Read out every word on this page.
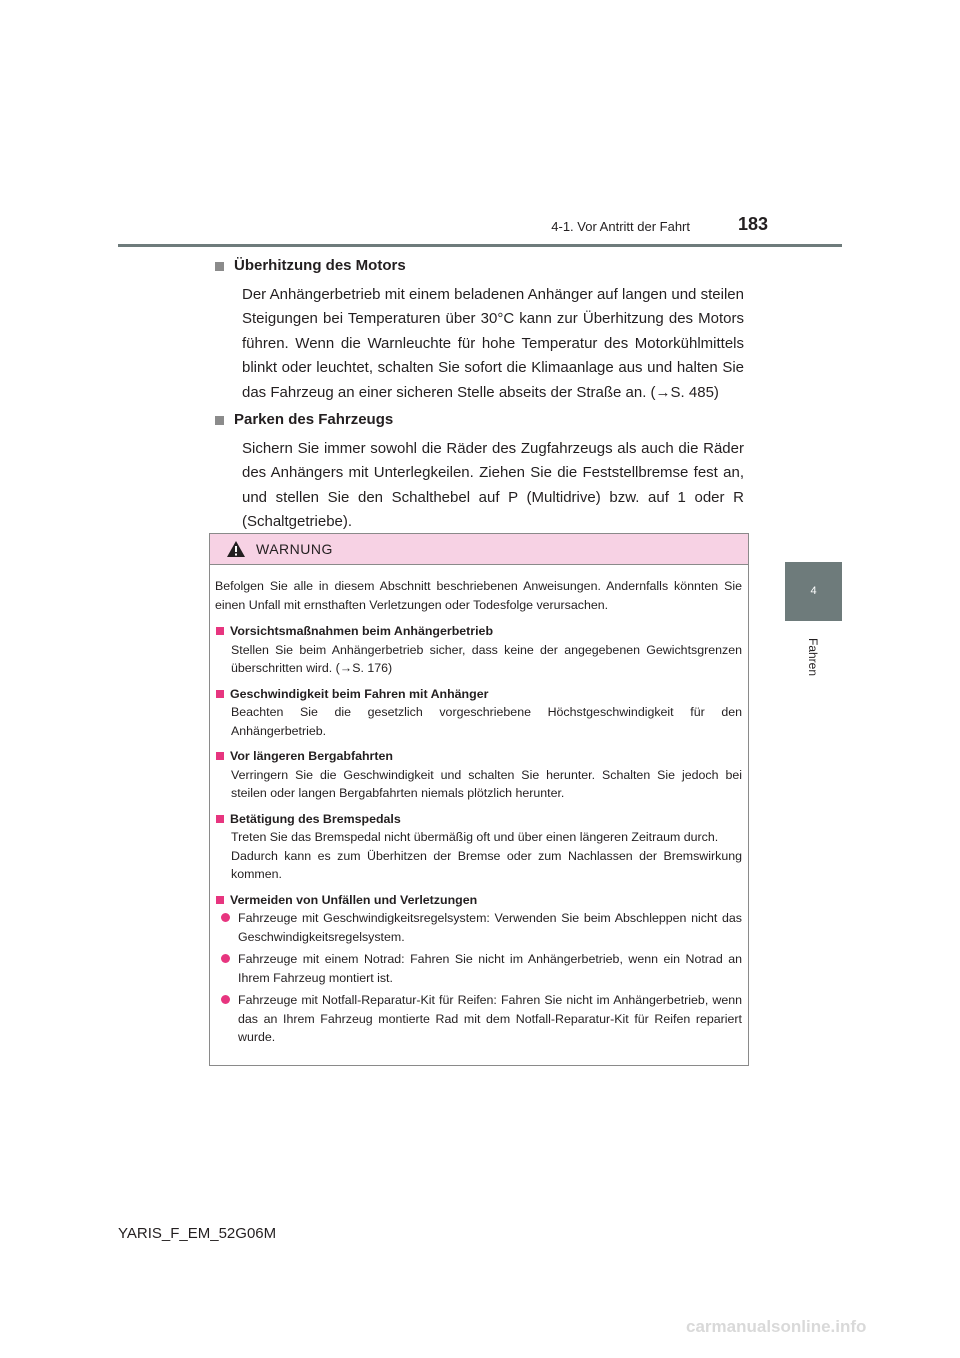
4-1. Vor Antritt der Fahrt	183
4
Fahren
Überhitzung des Motors

Der Anhängerbetrieb mit einem beladenen Anhänger auf langen und steilen Steigungen bei Temperaturen über 30°C kann zur Überhitzung des Motors führen. Wenn die Warnleuchte für hohe Temperatur des Motorkühlmittels blinkt oder leuchtet, schalten Sie sofort die Klimaanlage aus und halten Sie das Fahrzeug an einer sicheren Stelle abseits der Straße an. (→S. 485)

Parken des Fahrzeugs

Sichern Sie immer sowohl die Räder des Zugfahrzeugs als auch die Räder des Anhängers mit Unterlegkeilen. Ziehen Sie die Feststellbremse fest an, und stellen Sie den Schalthebel auf P (Multidrive) bzw. auf 1 oder R (Schaltgetriebe).

WARNUNG

Befolgen Sie alle in diesem Abschnitt beschriebenen Anweisungen. Andernfalls könnten Sie einen Unfall mit ernsthaften Verletzungen oder Todesfolge verursachen.

Vorsichtsmaßnahmen beim Anhängerbetrieb
Stellen Sie beim Anhängerbetrieb sicher, dass keine der angegebenen Gewichtsgrenzen überschritten wird. (→S. 176)
Geschwindigkeit beim Fahren mit Anhänger
Beachten Sie die gesetzlich vorgeschriebene Höchstgeschwindigkeit für den Anhängerbetrieb.
Vor längeren Bergabfahrten
Verringern Sie die Geschwindigkeit und schalten Sie herunter. Schalten Sie jedoch bei steilen oder langen Bergabfahrten niemals plötzlich herunter.
Betätigung des Bremspedals
Treten Sie das Bremspedal nicht übermäßig oft und über einen längeren Zeitraum durch.
Dadurch kann es zum Überhitzen der Bremse oder zum Nachlassen der Bremswirkung kommen.
Vermeiden von Unfällen und Verletzungen
Fahrzeuge mit Geschwindigkeitsregelsystem: Verwenden Sie beim Abschleppen nicht das Geschwindigkeitsregelsystem.
Fahrzeuge mit einem Notrad: Fahren Sie nicht im Anhängerbetrieb, wenn ein Notrad an Ihrem Fahrzeug montiert ist.
Fahrzeuge mit Notfall-Reparatur-Kit für Reifen: Fahren Sie nicht im Anhängerbetrieb, wenn das an Ihrem Fahrzeug montierte Rad mit dem Notfall-Reparatur-Kit für Reifen repariert wurde.
YARIS_F_EM_52G06M
carmanualsonline.info
